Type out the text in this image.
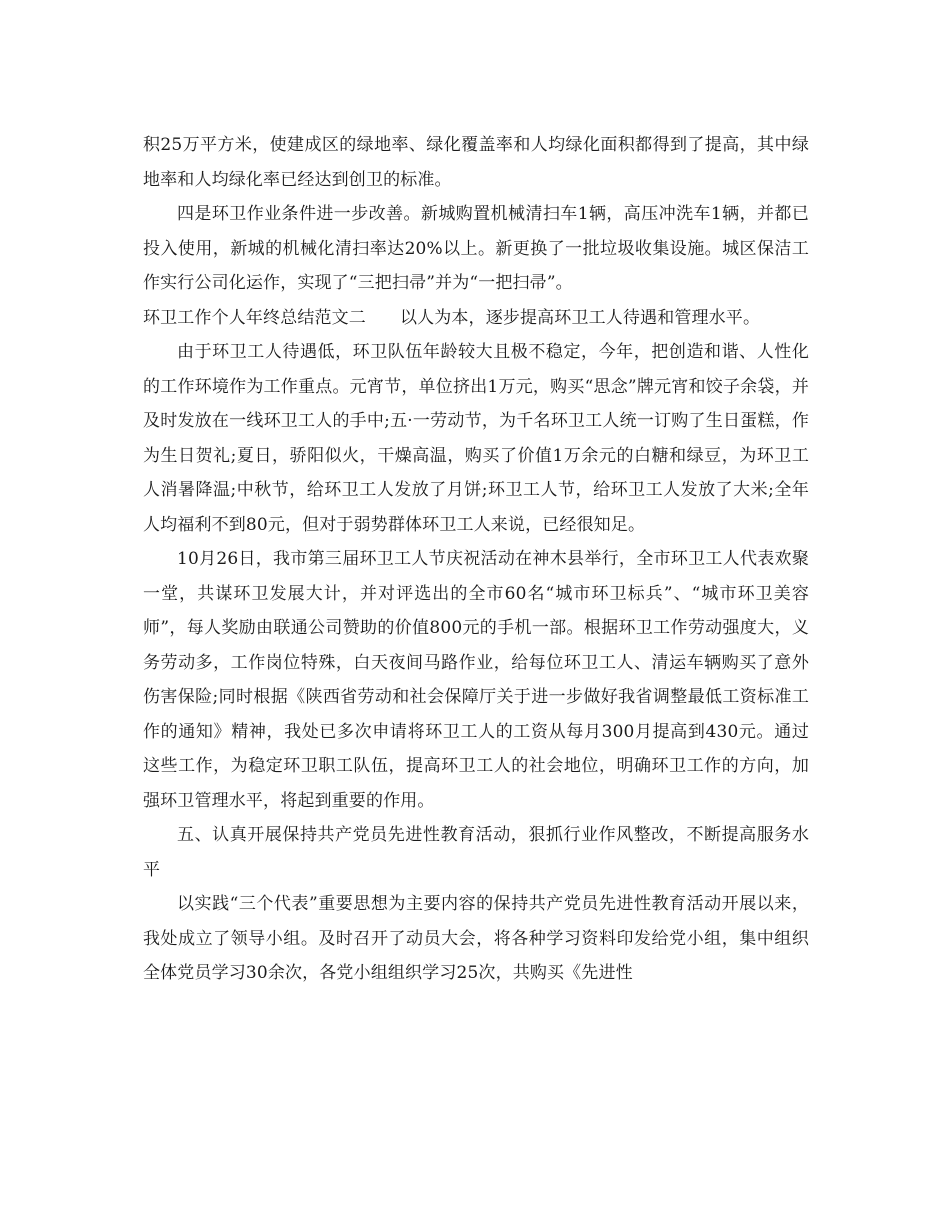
积25万平方米，使建成区的绿地率、绿化覆盖率和人均绿化面积都得到了提高，其中绿地率和人均绿化率已经达到创卫的标准。

四是环卫作业条件进一步改善。新城购置机械清扫车1辆，高压冲洗车1辆，并都已投入使用，新城的机械化清扫率达20%以上。新更换了一批垃圾收集设施。城区保洁工作实行公司化运作，实现了“三把扫帚”并为“一把扫帚”。

环卫工作个人年终总结范文二 以人为本，逐步提高环卫工人待遇和管理水平。

由于环卫工人待遇低，环卫队伍年龄较大且极不稳定，今年，把创造和谐、人性化的工作环境作为工作重点。元宵节，单位挤出1万元，购买“思念”牌元宵和饺子余袋，并及时发放在一线环卫工人的手中;五·一劳动节，为千名环卫工人统一订购了生日蛋糕，作为生日贺礼;夏日，骄阳似火，干燥高温，购买了价值1万余元的白糖和绿豆，为环卫工人消暑降温;中秋节，给环卫工人发放了月饼;环卫工人节，给环卫工人发放了大米;全年人均福利不到80元，但对于弱势群体环卫工人来说，已经很知足。

10月26日，我市第三届环卫工人节庆祝活动在神木县举行，全市环卫工人代表欢聚一堂，共谋环卫发展大计，并对评选出的全市60名“城市环卫标兵”、“城市环卫美容师”，每人奖励由联通公司赞助的价值800元的手机一部。根据环卫工作劳动强度大，义务劳动多，工作岗位特殊，白天夜间马路作业，给每位环卫工人、清运车辆购买了意外伤害保险;同时根据《陕西省劳动和社会保障厅关于进一步做好我省调整最低工资标准工作的通知》精神，我处已多次申请将环卫工人的工资从每月300月提高到430元。通过这些工作，为稳定环卫职工队伍，提高环卫工人的社会地位，明确环卫工作的方向，加强环卫管理水平，将起到重要的作用。

五、认真开展保持共产党员先进性教育活动，狠抓行业作风整改，不断提高服务水平

以实践“三个代表”重要思想为主要内容的保持共产党员先进性教育活动开展以来，我处成立了领导小组。及时召开了动员大会，将各种学习资料印发给党小组，集中组织全体党员学习30余次，各党小组组织学习25次，共购买《先进性
